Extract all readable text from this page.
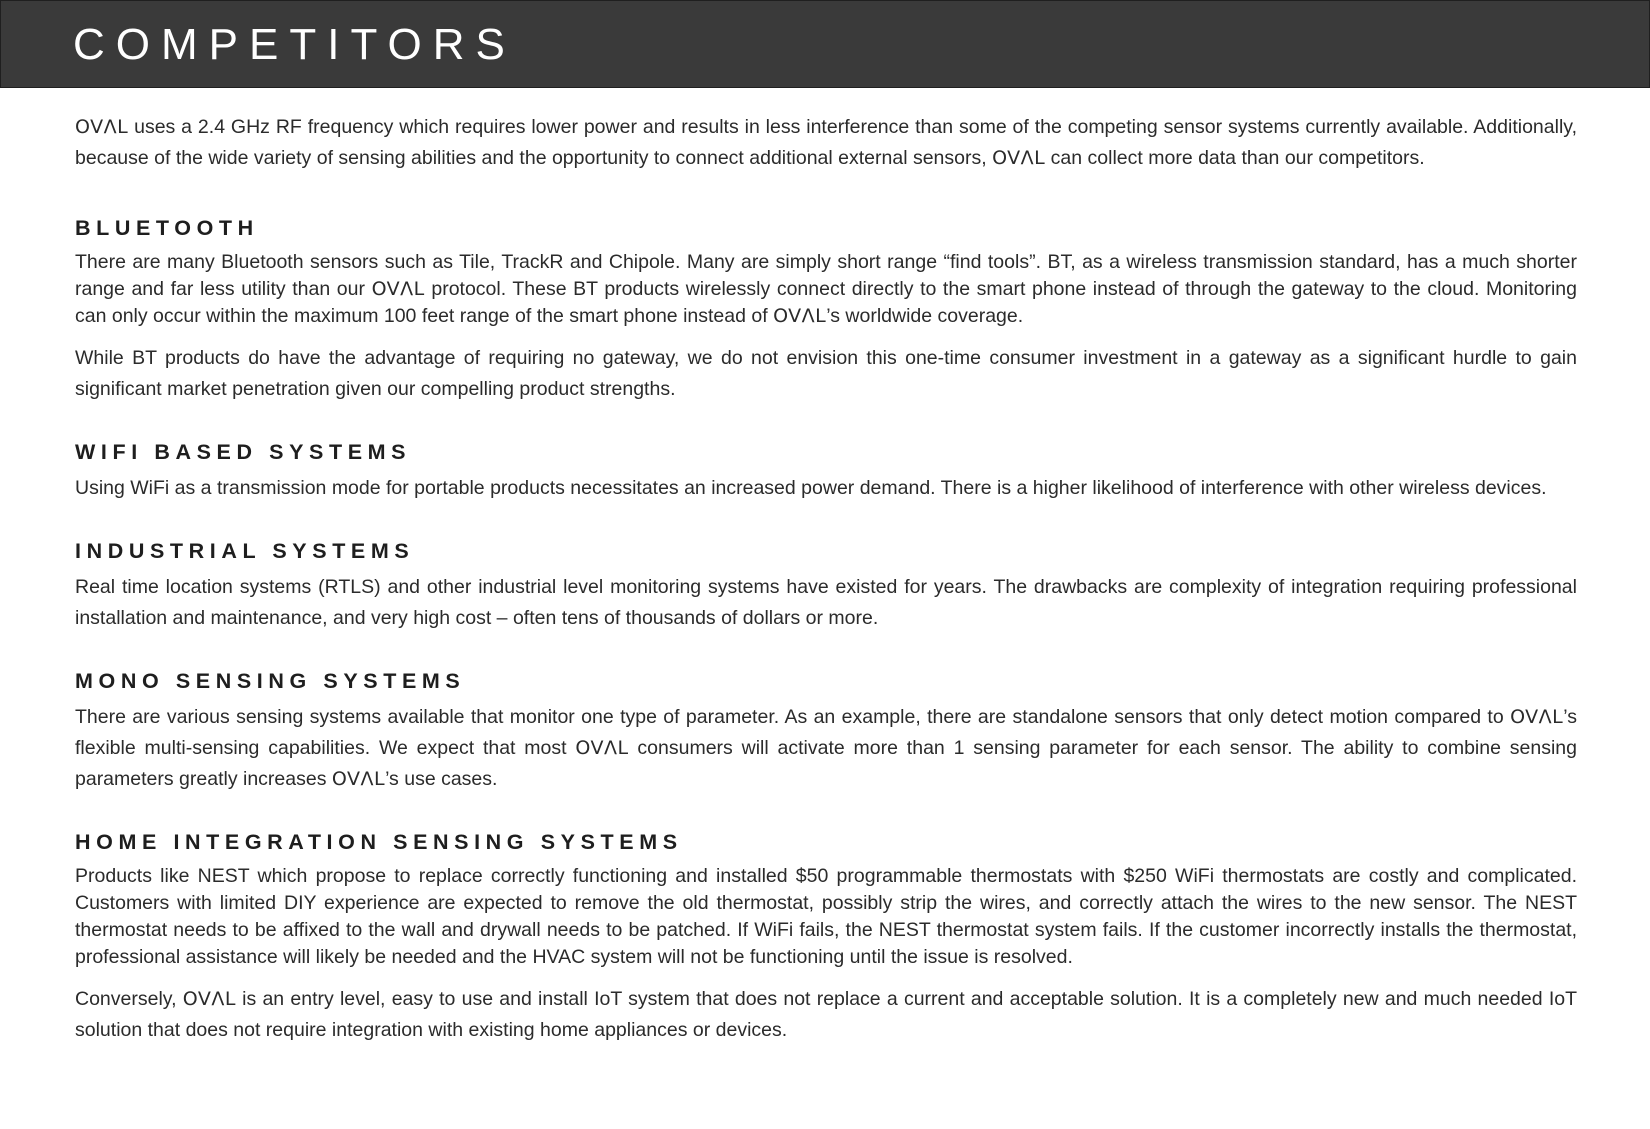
COMPETITORS

OVΛL uses a 2.4 GHz RF frequency which requires lower power and results in less interference than some of the competing sensor systems currently available. Additionally, because of the wide variety of sensing abilities and the opportunity to connect additional external sensors, OVΛL can collect more data than our competitors.

BLUETOOTH

There are many Bluetooth sensors such as Tile, TrackR and Chipole. Many are simply short range “find tools”. BT, as a wireless transmission standard, has a much shorter range and far less utility than our OVΛL protocol. These BT products wirelessly connect directly to the smart phone instead of through the gateway to the cloud. Monitoring can only occur within the maximum 100 feet range of the smart phone instead of OVΛL’s worldwide coverage.

While BT products do have the advantage of requiring no gateway, we do not envision this one-time consumer investment in a gateway as a significant hurdle to gain significant market penetration given our compelling product strengths.

WIFI BASED SYSTEMS

Using WiFi as a transmission mode for portable products necessitates an increased power demand. There is a higher likelihood of interference with other wireless devices.

INDUSTRIAL SYSTEMS

Real time location systems (RTLS) and other industrial level monitoring systems have existed for years. The drawbacks are complexity of integration requiring professional installation and maintenance, and very high cost – often tens of thousands of dollars or more.

MONO SENSING SYSTEMS

There are various sensing systems available that monitor one type of parameter. As an example, there are standalone sensors that only detect motion compared to OVΛL’s flexible multi-sensing capabilities. We expect that most OVΛL consumers will activate more than 1 sensing parameter for each sensor. The ability to combine sensing parameters greatly increases OVΛL’s use cases.

HOME INTEGRATION SENSING SYSTEMS

Products like NEST which propose to replace correctly functioning and installed $50 programmable thermostats with $250 WiFi thermostats are costly and complicated. Customers with limited DIY experience are expected to remove the old thermostat, possibly strip the wires, and correctly attach the wires to the new sensor. The NEST thermostat needs to be affixed to the wall and drywall needs to be patched. If WiFi fails, the NEST thermostat system fails. If the customer incorrectly installs the thermostat, professional assistance will likely be needed and the HVAC system will not be functioning until the issue is resolved.

Conversely, OVΛL is an entry level, easy to use and install IoT system that does not replace a current and acceptable solution. It is a completely new and much needed IoT solution that does not require integration with existing home appliances or devices.
